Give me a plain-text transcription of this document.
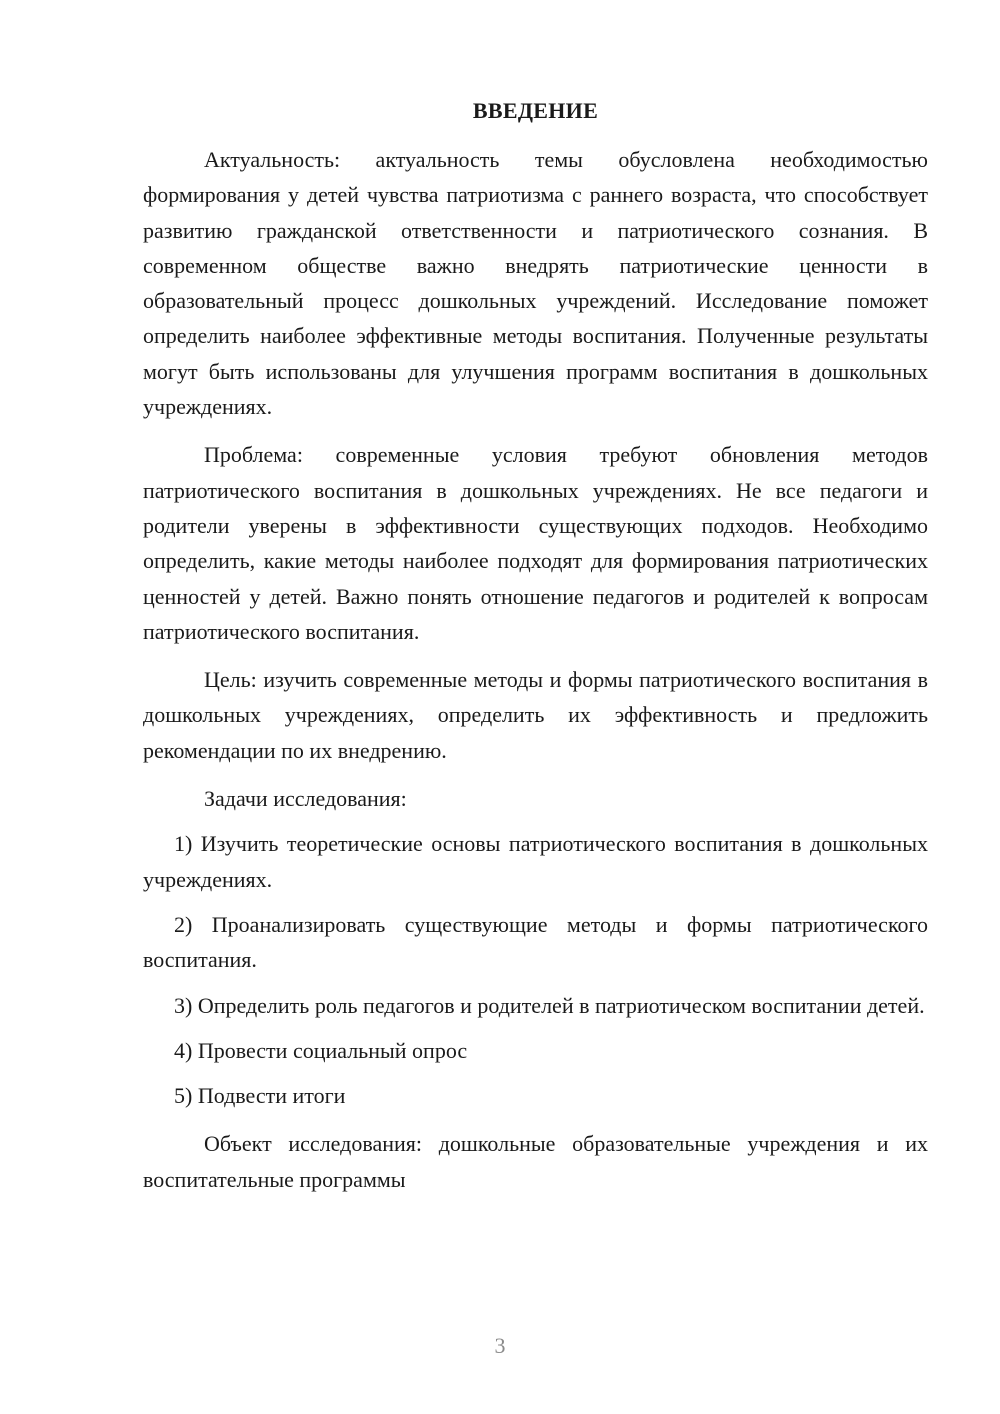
ВВЕДЕНИЕ

Актуальность: актуальность темы обусловлена необходимостью формирования у детей чувства патриотизма с раннего возраста, что способствует развитию гражданской ответственности и патриотического сознания. В современном обществе важно внедрять патриотические ценности в образовательный процесс дошкольных учреждений. Исследование поможет определить наиболее эффективные методы воспитания. Полученные результаты могут быть использованы для улучшения программ воспитания в дошкольных учреждениях.

Проблема: современные условия требуют обновления методов патриотического воспитания в дошкольных учреждениях. Не все педагоги и родители уверены в эффективности существующих подходов. Необходимо определить, какие методы наиболее подходят для формирования патриотических ценностей у детей. Важно понять отношение педагогов и родителей к вопросам патриотического воспитания.

Цель: изучить современные методы и формы патриотического воспитания в дошкольных учреждениях, определить их эффективность и предложить рекомендации по их внедрению.

Задачи исследования:

1) Изучить теоретические основы патриотического воспитания в дошкольных учреждениях.

2) Проанализировать существующие методы и формы патриотического воспитания.

3) Определить роль педагогов и родителей в патриотическом воспитании детей.

4) Провести социальный опрос

5) Подвести итоги

Объект исследования: дошкольные образовательные учреждения и их воспитательные программы

3
